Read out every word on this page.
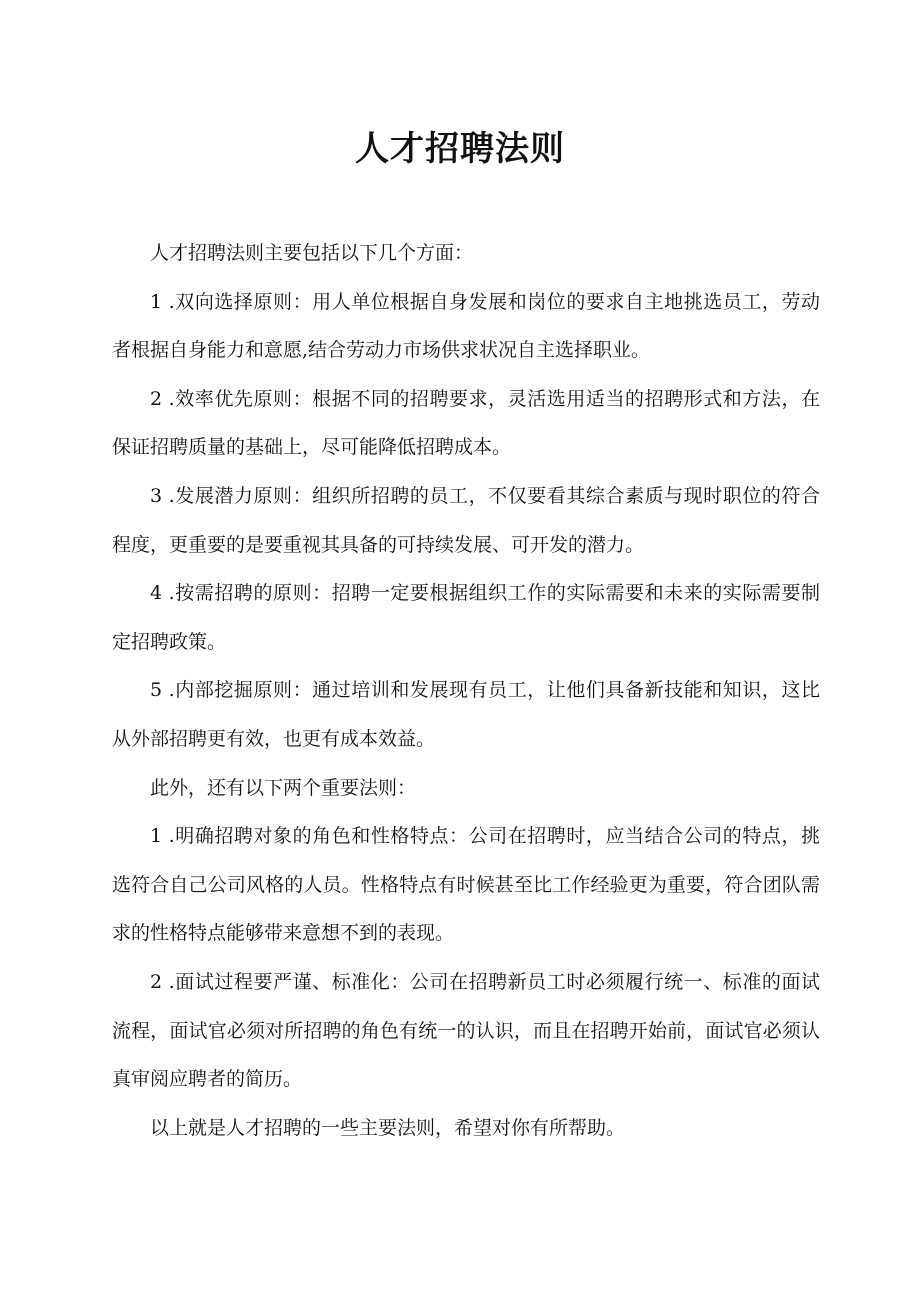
人才招聘法则

人才招聘法则主要包括以下几个方面：

1 .双向选择原则：用人单位根据自身发展和岗位的要求自主地挑选员工，劳动者根据自身能力和意愿,结合劳动力市场供求状况自主选择职业。

2 .效率优先原则：根据不同的招聘要求，灵活选用适当的招聘形式和方法，在保证招聘质量的基础上，尽可能降低招聘成本。

3 .发展潜力原则：组织所招聘的员工，不仅要看其综合素质与现时职位的符合程度，更重要的是要重视其具备的可持续发展、可开发的潜力。

4 .按需招聘的原则：招聘一定要根据组织工作的实际需要和未来的实际需要制定招聘政策。

5 .内部挖掘原则：通过培训和发展现有员工，让他们具备新技能和知识，这比从外部招聘更有效，也更有成本效益。

此外，还有以下两个重要法则：

1 .明确招聘对象的角色和性格特点：公司在招聘时，应当结合公司的特点，挑选符合自己公司风格的人员。性格特点有时候甚至比工作经验更为重要，符合团队需求的性格特点能够带来意想不到的表现。

2 .面试过程要严谨、标准化：公司在招聘新员工时必须履行统一、标准的面试流程，面试官必须对所招聘的角色有统一的认识，而且在招聘开始前，面试官必须认真审阅应聘者的简历。

以上就是人才招聘的一些主要法则，希望对你有所帮助。
